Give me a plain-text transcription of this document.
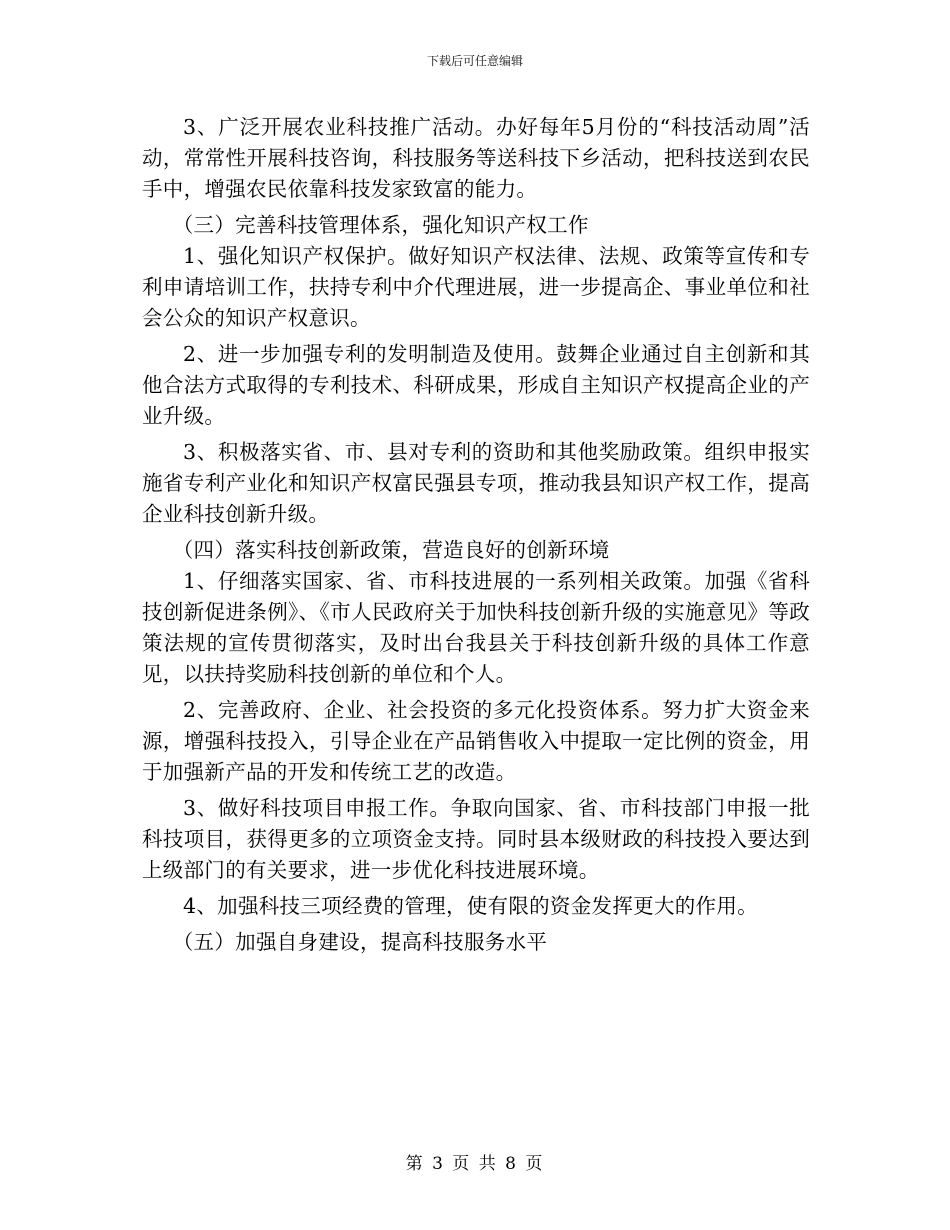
下载后可任意编辑

3、广泛开展农业科技推广活动。办好每年5月份的“科技活动周”活动，常常性开展科技咨询，科技服务等送科技下乡活动，把科技送到农民手中，增强农民依靠科技发家致富的能力。

（三）完善科技管理体系，强化知识产权工作

1、强化知识产权保护。做好知识产权法律、法规、政策等宣传和专利申请培训工作，扶持专利中介代理进展，进一步提高企、事业单位和社会公众的知识产权意识。

2、进一步加强专利的发明制造及使用。鼓舞企业通过自主创新和其他合法方式取得的专利技术、科研成果，形成自主知识产权提高企业的产业升级。

3、积极落实省、市、县对专利的资助和其他奖励政策。组织申报实施省专利产业化和知识产权富民强县专项，推动我县知识产权工作，提高企业科技创新升级。

（四）落实科技创新政策，营造良好的创新环境

1、仔细落实国家、省、市科技进展的一系列相关政策。加强《省科技创新促进条例》、《市人民政府关于加快科技创新升级的实施意见》等政策法规的宣传贯彻落实，及时出台我县关于科技创新升级的具体工作意见，以扶持奖励科技创新的单位和个人。

2、完善政府、企业、社会投资的多元化投资体系。努力扩大资金来源，增强科技投入，引导企业在产品销售收入中提取一定比例的资金，用于加强新产品的开发和传统工艺的改造。

3、做好科技项目申报工作。争取向国家、省、市科技部门申报一批科技项目，获得更多的立项资金支持。同时县本级财政的科技投入要达到上级部门的有关要求，进一步优化科技进展环境。

4、加强科技三项经费的管理，使有限的资金发挥更大的作用。

（五）加强自身建设，提高科技服务水平

第 3 页 共 8 页
